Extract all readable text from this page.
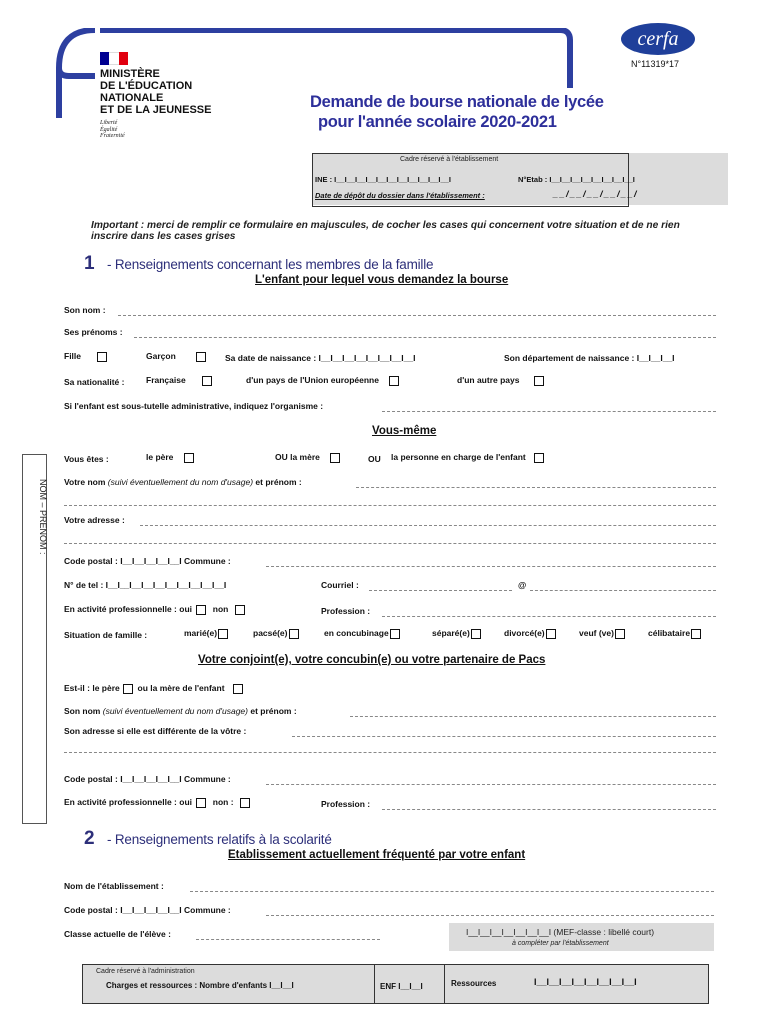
MINISTÈRE
DE L'ÉDUCATION
NATIONALE
ET DE LA JEUNESSE
Liberté
Égalité
Fraternité
cerfa
N°11319*17
Demande de bourse nationale de lycée
pour l'année scolaire 2020-2021
Cadre réservé à l'établissement
INE : I__I__I__I__I__I__I__I__I__I__I__I	N°Etab : I__I__I__I__I__I__I__I__I
Date de dépôt du dossier dans l'établissement :	__/__/__/__/__/
Important : merci de remplir ce formulaire en majuscules, de cocher les cases qui concernent votre situation et de ne rien inscrire dans les cases grises
NOM – PRENOM :
1 - Renseignements concernant les membres de la famille
L'enfant pour lequel vous demandez la bourse
Son nom :
Ses prénoms :
Fille	Garçon	Sa date de naissance : I__I__I__I__I__I__I__I__I	Son département de naissance : I__I__I__I
Sa nationalité :	Française	d'un pays de l'Union européenne	d'un autre pays
Si l'enfant est sous-tutelle administrative, indiquez l'organisme :
Vous-même
Vous êtes :	le père	OU la mère	OU la personne en charge de l'enfant
Votre nom (suivi éventuellement du nom d'usage) et prénom :
Votre adresse :
Code postal : I__I__I__I__I__I Commune :
N° de tel : I__I__I__I__I__I__I__I__I__I__I	Courriel :	@
En activité professionnelle : oui non	Profession :
Situation de famille :	marié(e)	pacsé(e)	en concubinage	séparé(e)	divorcé(e)	veuf (ve)	célibataire
Votre conjoint(e), votre concubin(e) ou votre partenaire de Pacs
Est-il : le père ou la mère de l'enfant
Son nom (suivi éventuellement du nom d'usage) et prénom :
Son adresse si elle est différente de la vôtre :
Code postal : I__I__I__I__I__I Commune :
En activité professionnelle : oui non :	Profession :
2 - Renseignements relatifs à la scolarité
Etablissement actuellement fréquenté par votre enfant
Nom de l'établissement :
Code postal : I__I__I__I__I__I Commune :
Classe actuelle de l'élève :	I__I__I__I__I__I__I__I (MEF-classe : libellé court)
à compléter par l'établissement
Cadre réservé à l'administration
Charges et ressources : Nombre d'enfants I__I__I	ENF I__I__I	Ressources	I__I__I__I__I__I__I__I__I
